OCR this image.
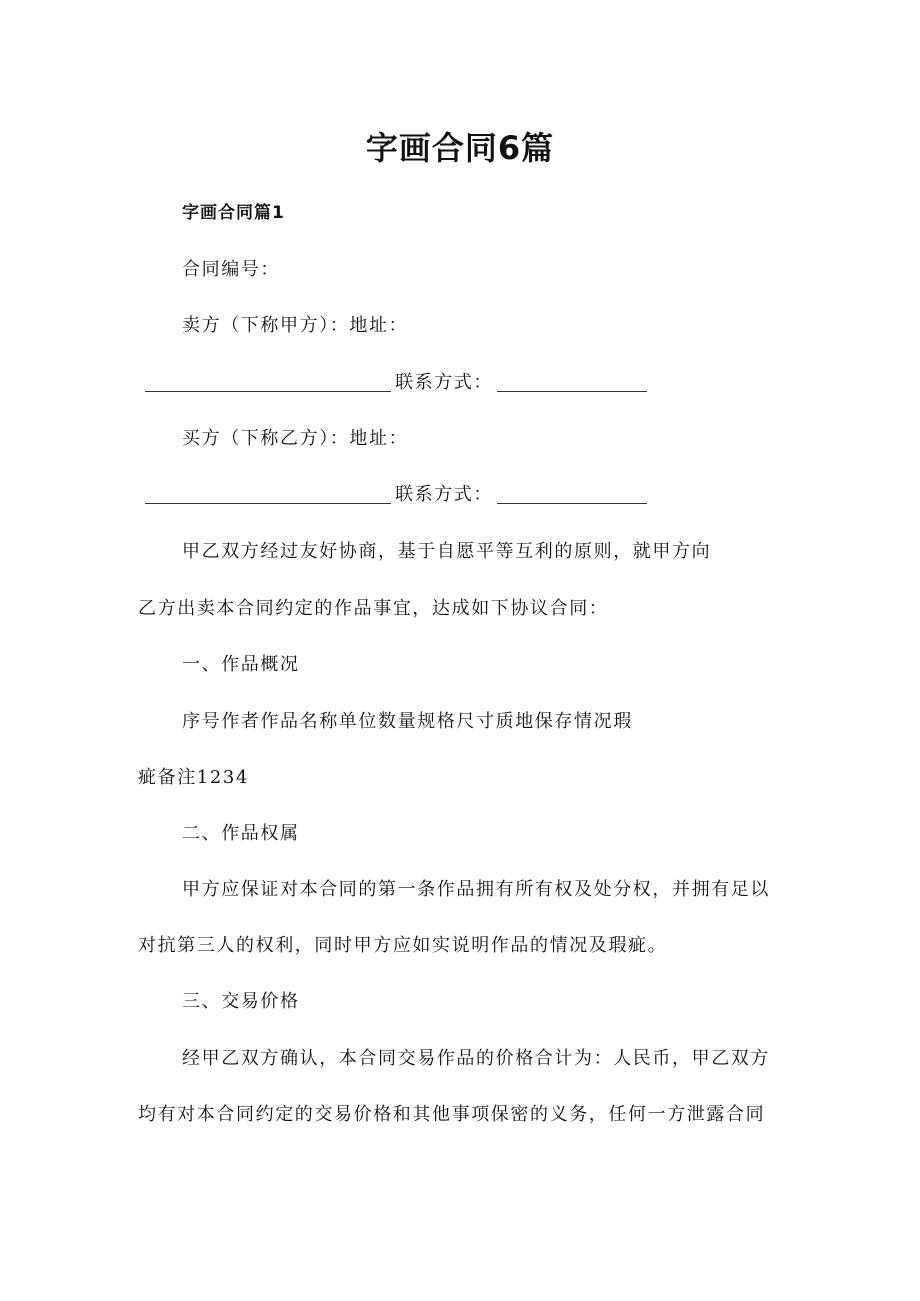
字画合同6篇
字画合同篇1
合同编号：
卖方（下称甲方）：地址：
联系方式：
买方（下称乙方）：地址：
联系方式：
甲乙双方经过友好协商，基于自愿平等互利的原则，就甲方向
乙方出卖本合同约定的作品事宜，达成如下协议合同：
一、作品概况
序号作者作品名称单位数量规格尺寸质地保存情况瑕
疵备注1234
二、作品权属
甲方应保证对本合同的第一条作品拥有所有权及处分权，并拥有足以
对抗第三人的权利，同时甲方应如实说明作品的情况及瑕疵。
三、交易价格
经甲乙双方确认，本合同交易作品的价格合计为：人民币，甲乙双方
均有对本合同约定的交易价格和其他事项保密的义务，任何一方泄露合同
